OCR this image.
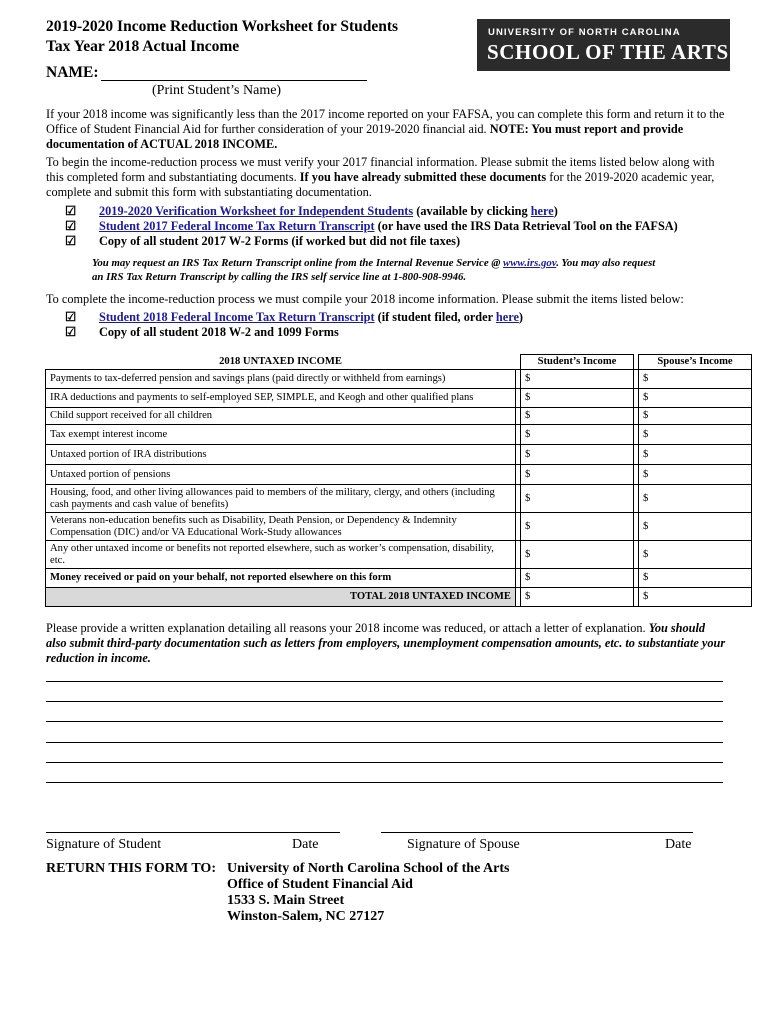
2019-2020 Income Reduction Worksheet for Students
Tax Year 2018 Actual Income
UNIVERSITY OF NORTH CAROLINA
SCHOOL OF THE ARTS
NAME:
(Print Student’s Name)
If your 2018 income was significantly less than the 2017 income reported on your FAFSA, you can complete this form and return it to the Office of Student Financial Aid for further consideration of your 2019-2020 financial aid. NOTE: You must report and provide documentation of ACTUAL 2018 INCOME.
To begin the income-reduction process we must verify your 2017 financial information. Please submit the items listed below along with this completed form and substantiating documents. If you have already submitted these documents for the 2019-2020 academic year, complete and submit this form with substantiating documentation.
☑ 2019-2020 Verification Worksheet for Independent Students (available by clicking here)
☑ Student 2017 Federal Income Tax Return Transcript (or have used the IRS Data Retrieval Tool on the FAFSA)
☑ Copy of all student 2017 W-2 Forms (if worked but did not file taxes)
You may request an IRS Tax Return Transcript online from the Internal Revenue Service @ www.irs.gov. You may also request
an IRS Tax Return Transcript by calling the IRS self service line at 1-800-908-9946.
To complete the income-reduction process we must compile your 2018 income information. Please submit the items listed below:
☑ Student 2018 Federal Income Tax Return Transcript (if student filed, order here)
☑ Copy of all student 2018 W-2 and 1099 Forms
2018 UNTAXED INCOME		Student’s Income		Spouse’s Income
Payments to tax-deferred pension and savings plans (paid directly or withheld from earnings)		$		$
IRA deductions and payments to self-employed SEP, SIMPLE, and Keogh and other qualified plans		$		$
Child support received for all children		$		$
Tax exempt interest income		$		$
Untaxed portion of IRA distributions		$		$
Untaxed portion of pensions		$		$
Housing, food, and other living allowances paid to members of the military, clergy, and others (including cash payments and cash value of benefits)		$		$
Veterans non-education benefits such as Disability, Death Pension, or Dependency & Indemnity Compensation (DIC) and/or VA Educational Work-Study allowances		$		$
Any other untaxed income or benefits not reported elsewhere, such as worker’s compensation, disability, etc.		$		$
Money received or paid on your behalf, not reported elsewhere on this form		$		$
TOTAL 2018 UNTAXED INCOME		$		$
Please provide a written explanation detailing all reasons your 2018 income was reduced, or attach a letter of explanation. You should also submit third-party documentation such as letters from employers, unemployment compensation amounts, etc. to substantiate your reduction in income.
Signature of Student	Date	Signature of Spouse	Date
RETURN THIS FORM TO: University of North Carolina School of the Arts
Office of Student Financial Aid
1533 S. Main Street
Winston-Salem, NC 27127
